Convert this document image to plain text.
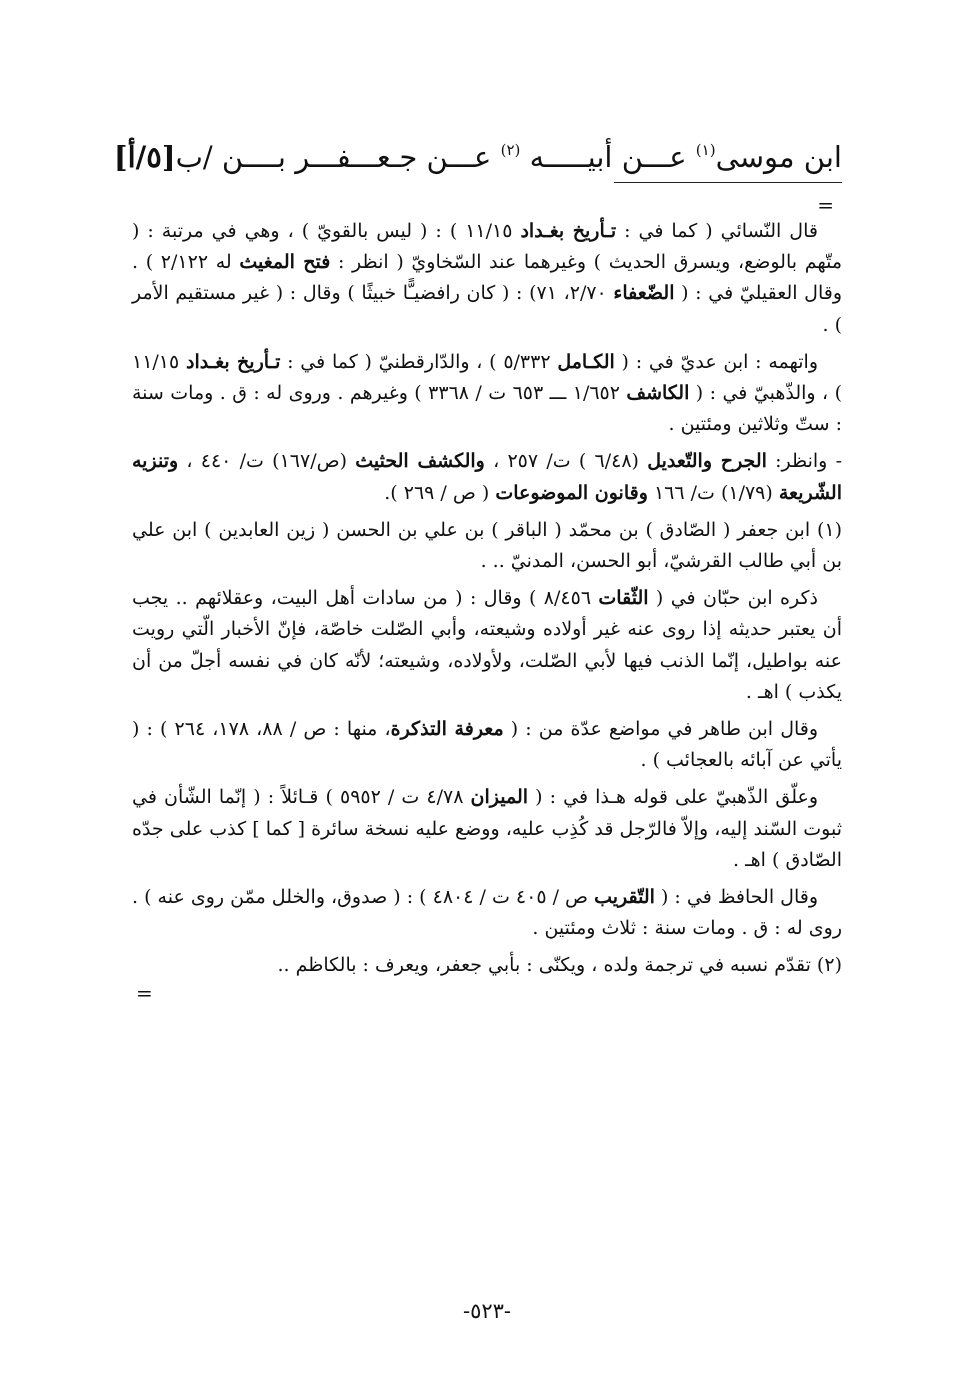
ابن موسى$^{(١)}$ عـــن أبيـــــه $^{(٢)}$ عـــن جـعـــفـــر بــــن /ب[٥/أ]
=

قال النّسائي ( كما في : تـأريخ بغـداد ١١/١٥ ) : ( ليس بالقويّ ) ، وهي في مرتبة : ( متّهم بالوضع، ويسرق الحديث ) وغيرهما عند السّخاويّ ( انظر : فتح المغيث له ٢/١٢٢ ) . وقال العقيليّ في : ( الضّعفاء ٢/٧٠، ٧١) : ( كان رافضيـًّا خبيثًا ) وقال : ( غير مستقيم الأمر ) .

واتهمه : ابن عديّ في : ( الكـامل ٥/٣٣٢ ) ، والدّارقطنيّ ( كما في : تـأريخ بغـداد ١١/١٥ ) ، والذّهبيّ في : ( الكاشف ١/٦٥٢ ـــ ٦٥٣ ت / ٣٣٦٨ ) وغيرهم . وروى له : ق . ومات سنة : ستّ وثلاثين ومئتين .

- وانظر: الجرح والتّعديل (٦/٤٨ ) ت/ ٢٥٧ ، والكشف الحثيث (ص/١٦٧) ت/ ٤٤٠ ، وتنزيه الشّريعة (١/٧٩) ت/ ١٦٦ وقانون الموضوعات ( ص / ٢٦٩ ).

(١) ابن جعفر ( الصّادق ) بن محمّد ( الباقر ) بن علي بن الحسن ( زين العابدين ) ابن علي بن أبي طالب القرشيّ، أبو الحسن، المدنيّ .. .

ذكره ابن حبّان في ( الثّقات ٨/٤٥٦ ) وقال : ( من سادات أهل البيت، وعقلائهم .. يجب أن يعتبر حديثه إذا روى عنه غير أولاده وشيعته، وأبي الصّلت خاصّة، فإنّ الأخبار الّتي رويت عنه بواطيل، إنّما الذنب فيها لأبي الصّلت، ولأولاده، وشيعته؛ لأنّه كان في نفسه أجلّ من أن يكذب ) اهـ .

وقال ابن طاهر في مواضع عدّة من : ( معرفة التذكرة، منها : ص / ٨٨، ١٧٨، ٢٦٤ ) : ( يأتي عن آبائه بالعجائب ) .

وعلّق الذّهبيّ على قوله هـذا في : ( الميزان ٤/٧٨ ت / ٥٩٥٢ ) قـائلاً : ( إنّما الشّأن في ثبوت السّند إليه، وإلاّ فالرّجل قد كُذِب عليه، ووضع عليه نسخة سائرة [ كما ] كذب على جدّه الصّادق ) اهـ .

وقال الحافظ في : ( التّقريب ص / ٤٠٥ ت / ٤٨٠٤ ) : ( صدوق، والخلل ممّن روى عنه ) . روى له : ق . ومات سنة : ثلاث ومئتين .

(٢) تقدّم نسبه في ترجمة ولده ، ويكنّى : بأبي جعفر، ويعرف : بالكاظم ..

=
-٥٢٣-
